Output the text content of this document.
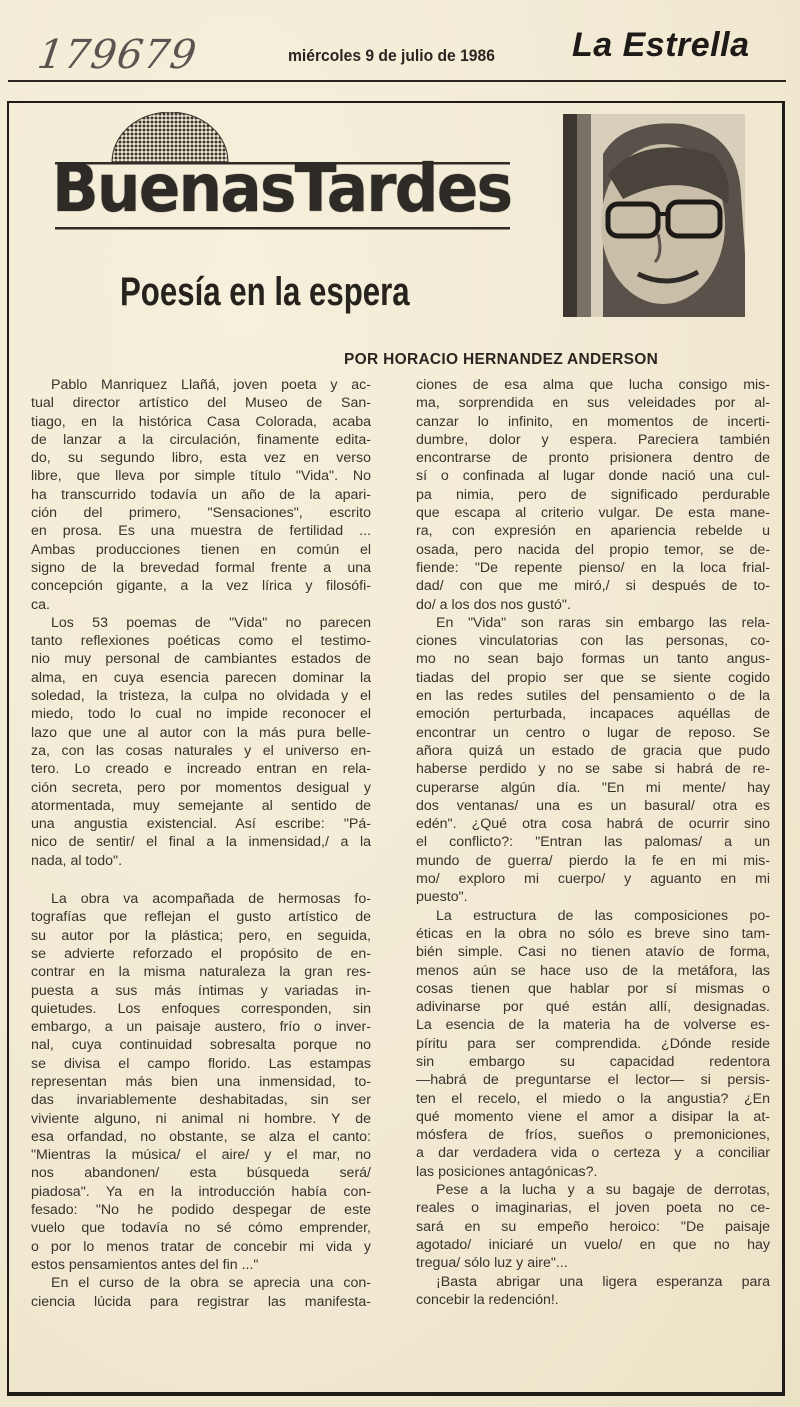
179679	miércoles 9 de julio de 1986 La Estrella
BuenasTardes
Poesía en la espera
POR HORACIO HERNANDEZ ANDERSON
Pablo Manriquez Llañá, joven poeta y ac-
tual director artístico del Museo de San-
tiago, en la histórica Casa Colorada, acaba
de lanzar a la circulación, finamente edita-
do, su segundo libro, esta vez en verso
libre, que lleva por simple título "Vida". No
ha transcurrido todavía un año de la apari-
ción del primero, "Sensaciones", escrito
en prosa. Es una muestra de fertilidad ...
Ambas producciones tienen en común el
signo de la brevedad formal frente a una
concepción gigante, a la vez lírica y filosófi-
ca.
Los 53 poemas de "Vida" no parecen
tanto reflexiones poéticas como el testimo-
nio muy personal de cambiantes estados de
alma, en cuya esencia parecen dominar la
soledad, la tristeza, la culpa no olvidada y el
miedo, todo lo cual no impide reconocer el
lazo que une al autor con la más pura belle-
za, con las cosas naturales y el universo en-
tero. Lo creado e increado entran en rela-
ción secreta, pero por momentos desigual y
atormentada, muy semejante al sentido de
una angustia existencial. Así escribe: "Pá-
nico de sentir/ el final a la inmensidad,/ a la
nada, al todo".
La obra va acompañada de hermosas fo-
tografías que reflejan el gusto artístico de
su autor por la plástica; pero, en seguida,
se advierte reforzado el propósito de en-
contrar en la misma naturaleza la gran res-
puesta a sus más íntimas y variadas in-
quietudes. Los enfoques corresponden, sin
embargo, a un paisaje austero, frío o inver-
nal, cuya continuidad sobresalta porque no
se divisa el campo florido. Las estampas
representan más bien una inmensidad, to-
das invariablemente deshabitadas, sin ser
viviente alguno, ni animal ni hombre. Y de
esa orfandad, no obstante, se alza el canto:
"Mientras la música/ el aire/ y el mar, no
nos abandonen/ esta búsqueda será/
piadosa". Ya en la introducción había con-
fesado: "No he podido despegar de este
vuelo que todavía no sé cómo emprender,
o por lo menos tratar de concebir mi vida y
estos pensamientos antes del fin ..."
En el curso de la obra se aprecia una con-
ciencia lúcida para registrar las manifesta-
ciones de esa alma que lucha consigo mis-
ma, sorprendida en sus veleidades por al-
canzar lo infinito, en momentos de incerti-
dumbre, dolor y espera. Pareciera también
encontrarse de pronto prisionera dentro de
sí o confinada al lugar donde nació una cul-
pa nimia, pero de significado perdurable
que escapa al criterio vulgar. De esta mane-
ra, con expresión en apariencia rebelde u
osada, pero nacida del propio temor, se de-
fiende: "De repente pienso/ en la loca frial-
dad/ con que me miró,/ si después de to-
do/ a los dos nos gustó".
En "Vida" son raras sin embargo las rela-
ciones vinculatorias con las personas, co-
mo no sean bajo formas un tanto angus-
tiadas del propio ser que se siente cogido
en las redes sutiles del pensamiento o de la
emoción perturbada, incapaces aquéllas de
encontrar un centro o lugar de reposo. Se
añora quizá un estado de gracia que pudo
haberse perdido y no se sabe si habrá de re-
cuperarse algún día. "En mi mente/ hay
dos ventanas/ una es un basural/ otra es
edén". ¿Qué otra cosa habrá de ocurrir sino
el conflicto?: "Entran las palomas/ a un
mundo de guerra/ pierdo la fe en mi mis-
mo/ exploro mi cuerpo/ y aguanto en mi
puesto".
La estructura de las composiciones po-
éticas en la obra no sólo es breve sino tam-
bién simple. Casi no tienen atavío de forma,
menos aún se hace uso de la metáfora, las
cosas tienen que hablar por sí mismas o
adivinarse por qué están allí, designadas.
La esencia de la materia ha de volverse es-
píritu para ser comprendida. ¿Dónde reside
sin embargo su capacidad redentora
—habrá de preguntarse el lector— si persis-
ten el recelo, el miedo o la angustia? ¿En
qué momento viene el amor a disipar la at-
mósfera de fríos, sueños o premoniciones,
a dar verdadera vida o certeza y a conciliar
las posiciones antagónicas?.
Pese a la lucha y a su bagaje de derrotas,
reales o imaginarias, el joven poeta no ce-
sará en su empeño heroico: "De paisaje
agotado/ iniciaré un vuelo/ en que no hay
tregua/ sólo luz y aire"...
¡Basta abrigar una ligera esperanza para
concebir la redención!.
